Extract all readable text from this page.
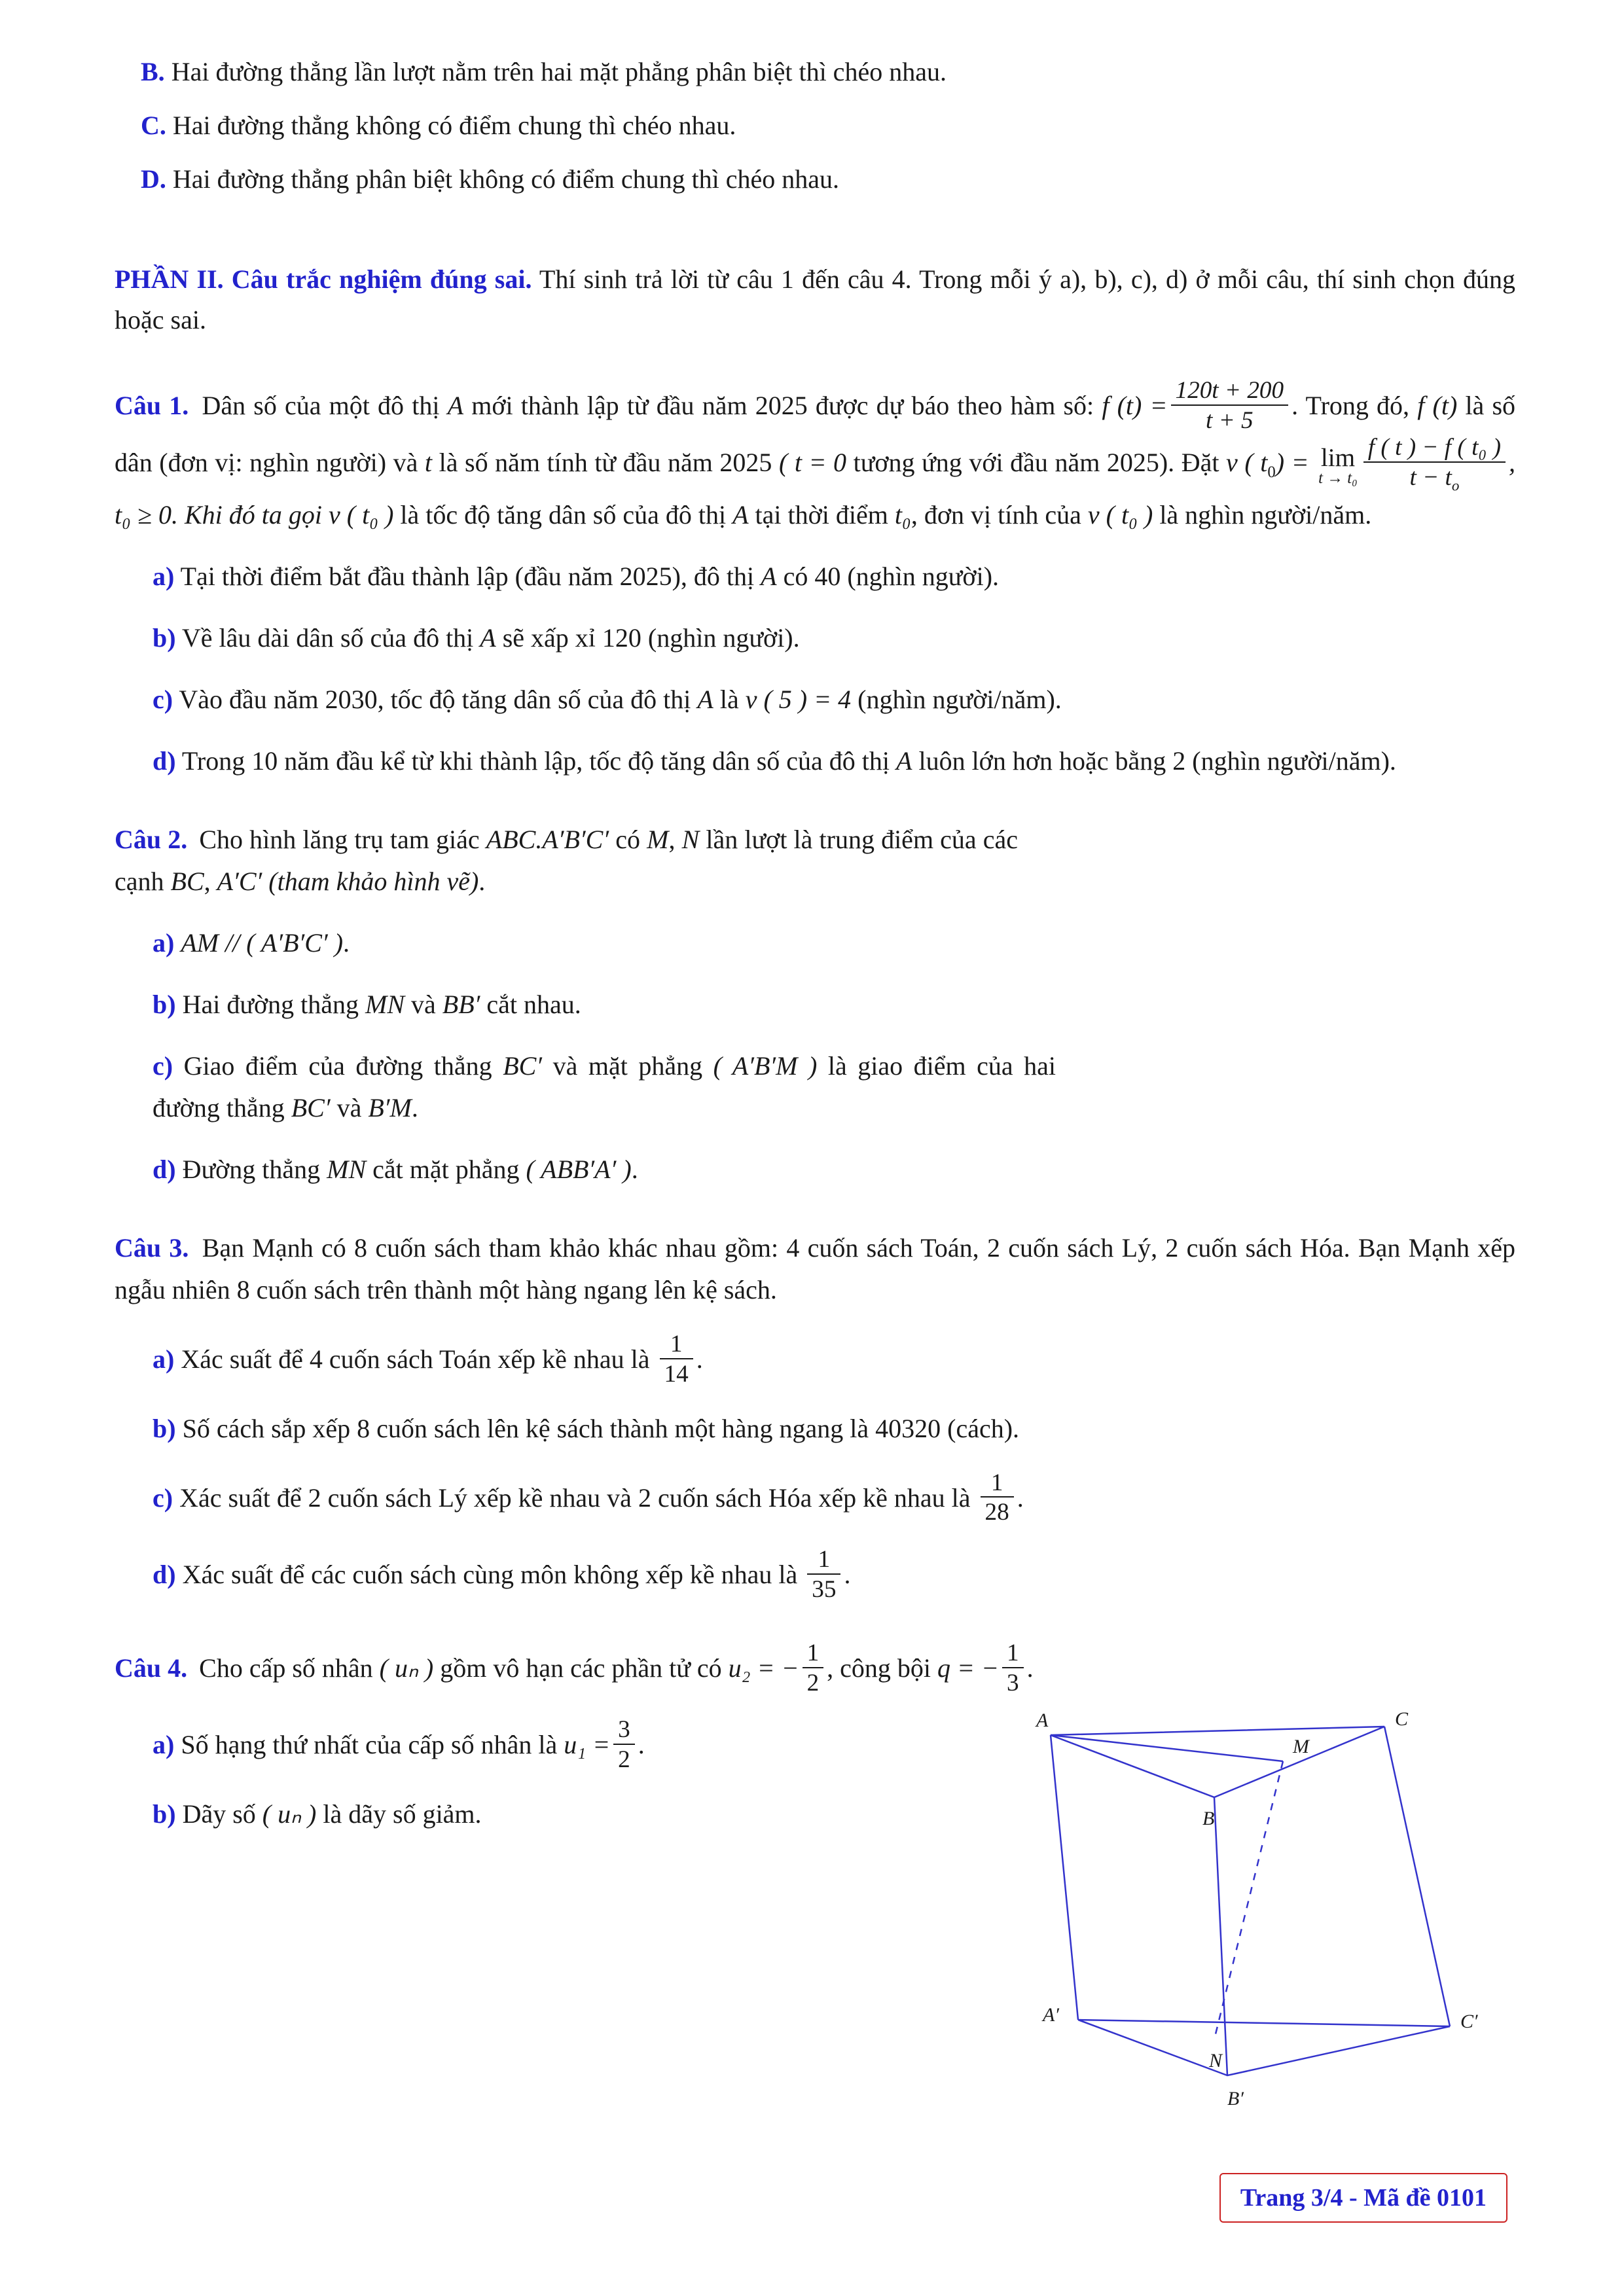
B. Hai đường thẳng lần lượt nằm trên hai mặt phẳng phân biệt thì chéo nhau.

C. Hai đường thẳng không có điểm chung thì chéo nhau.

D. Hai đường thẳng phân biệt không có điểm chung thì chéo nhau.

PHẦN II. Câu trắc nghiệm đúng sai. Thí sinh trả lời từ câu 1 đến câu 4. Trong mỗi ý a), b), c), d) ở mỗi câu, thí sinh chọn đúng hoặc sai.

Câu 1. Dân số của một đô thị A mới thành lập từ đầu năm 2025 được dự báo theo hàm số: f $(t) = \frac{120t + 200}{t + 5}$ . Trong đó, f (t) là số dân (đơn vị: nghìn người) và t là số năm tính từ đầu năm 2025 ( t = 0 tương ứng với đầu năm 2025). Đặt v ( $t_0) = \lim$
$t \to t_0 \frac{\text{f ( t ) − f ( t₀ )}}{t - t_o}$ , t₀ ≥ 0. Khi đó ta gọi v ( t₀ ) là tốc độ tăng dân số của đô thị A tại thời điểm t₀, đơn vị tính của v ( t₀ ) là nghìn người/năm.

a) Tại thời điểm bắt đầu thành lập (đầu năm 2025), đô thị A có 40 (nghìn người).

b) Về lâu dài dân số của đô thị A sẽ xấp xỉ 120 (nghìn người).

c) Vào đầu năm 2030, tốc độ tăng dân số của đô thị A là v ( 5 ) = 4 (nghìn người/năm).

d) Trong 10 năm đầu kể từ khi thành lập, tốc độ tăng dân số của đô thị A luôn lớn hơn hoặc bằng 2 (nghìn người/năm).

A
B
C
M
N
A′
B′
C′

Câu 2. Cho hình lăng trụ tam giác ABC.A′B′C′ có M, N lần lượt là trung điểm của các cạnh BC, A′C′ (tham khảo hình vẽ).

a) AM // ( A′B′C′ ).

b) Hai đường thẳng MN và BB′ cắt nhau.

c) Giao điểm của đường thẳng BC′ và mặt phẳng ( A′B′M ) là giao điểm của hai đường thẳng BC′ và B′M.

d) Đường thẳng MN cắt mặt phẳng ( ABB′A′ ).

Câu 3. Bạn Mạnh có 8 cuốn sách tham khảo khác nhau gồm: 4 cuốn sách Toán, 2 cuốn sách Lý, 2 cuốn sách Hóa. Bạn Mạnh xếp ngẫu nhiên 8 cuốn sách trên thành một hàng ngang lên kệ sách.

a) Xác suất để 4 cuốn sách Toán xếp kề nhau là $\frac{1}{14}$ .

b) Số cách sắp xếp 8 cuốn sách lên kệ sách thành một hàng ngang là 40320 (cách).

c) Xác suất để 2 cuốn sách Lý xếp kề nhau và 2 cuốn sách Hóa xếp kề nhau là $\frac{1}{28}$ .

d) Xác suất để các cuốn sách cùng môn không xếp kề nhau là $\frac{1}{35}$ .

Câu 4. Cho cấp số nhân ( uₙ ) gồm vô hạn các phần tử có u₂ = − $\frac{1}{2}$ , công bội q = − $\frac{1}{3}$ .

a) Số hạng thứ nhất của cấp số nhân là $u_1 = \frac{3}{2}$ .

b) Dãy số ( uₙ ) là dãy số giảm.

Trang 3/4 - Mã đề 0101
